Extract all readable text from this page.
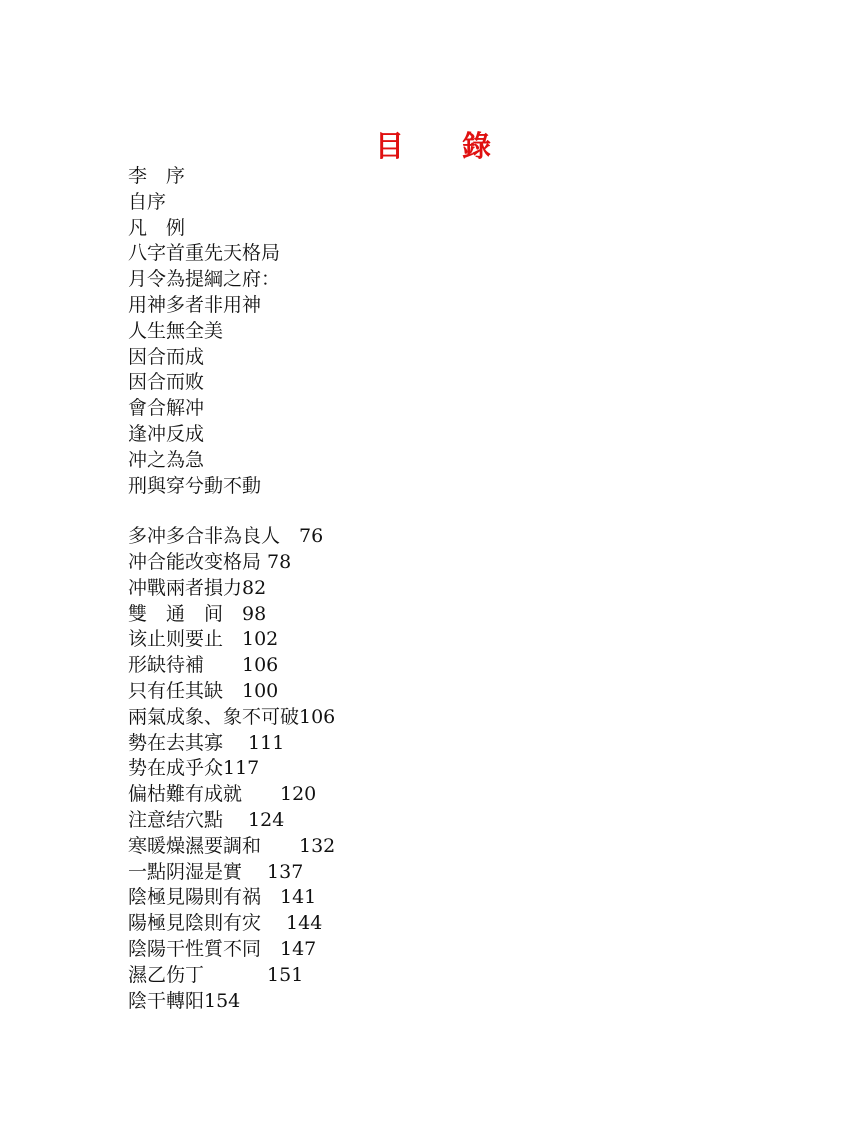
目　　錄
李　序
自序
凡　例
八字首重先天格局
月令為提綱之府：
用神多者非用神
人生無全美
因合而成
因合而败
會合解冲
逢冲反成
冲之為急
刑與穿兮動不動
多冲多合非為良人　76
冲合能改变格局 78
冲戰兩者損力82
雙　通　间　98
该止则要止　102
形缺待補　　106
只有任其缺　100
兩氣成象、象不可破106
勢在去其寡　 111
势在成乎众117
偏枯難有成就　　120
注意结穴點　 124
寒暖燥濕要調和　　132
一點阴湿是實　 137
陰極見陽則有祸　141
陽極見陰則有灾　 144
陰陽干性質不同　147
濕乙伤丁　　 　151
陰干轉阳154
